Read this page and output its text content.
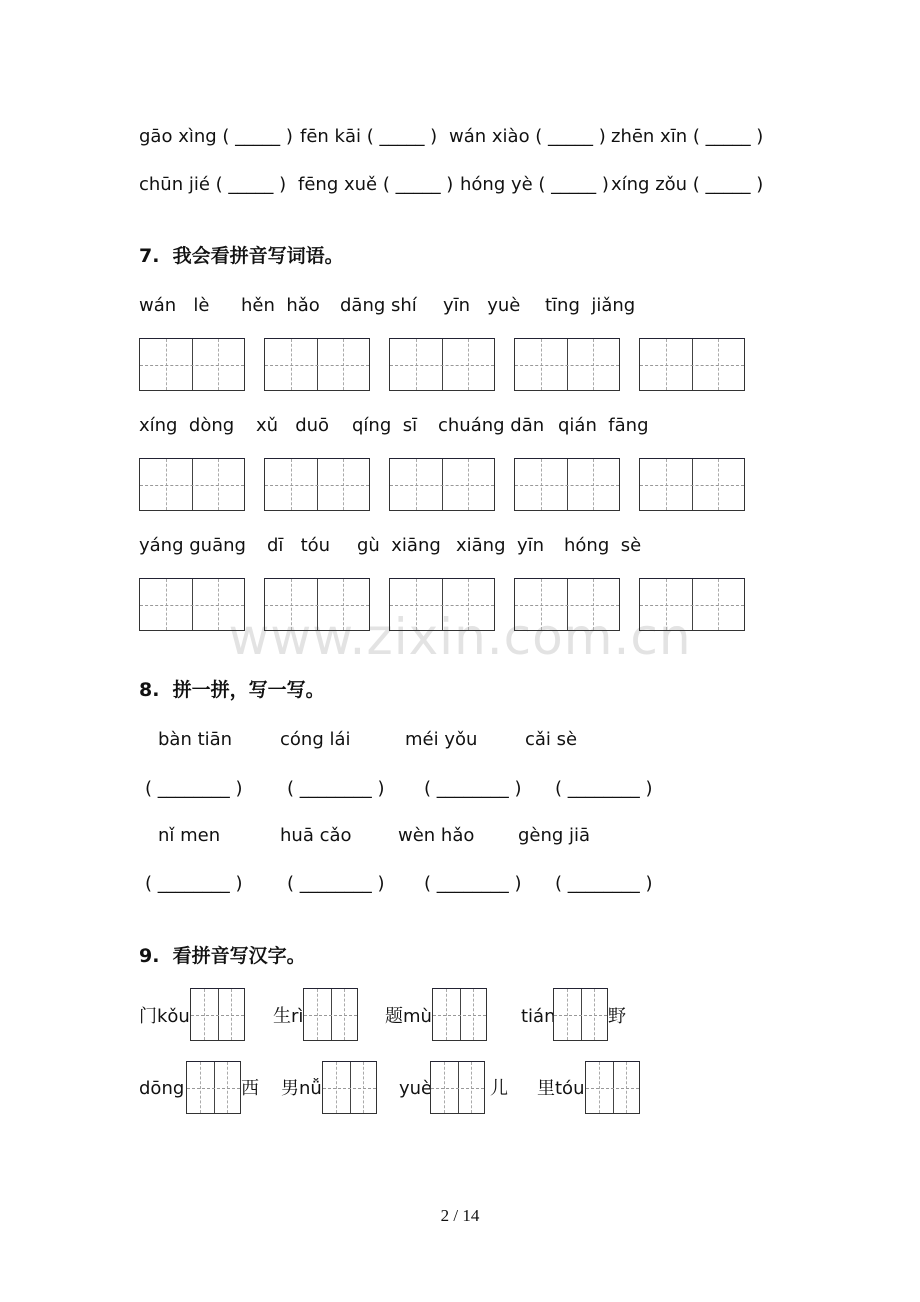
www.zixin.com.cn
gāo xìng ( _____ ) fēn kāi ( _____ ) wán xiào ( _____ ) zhēn xīn ( _____ )
chūn jié ( _____ ) fēng xuě ( _____ ) hóng yè ( _____ ) xíng zǒu ( _____ )
7.  我会看拼音写词语。
wán   lè hěn  hǎo dāng shí yīn   yuè tīng  jiǎng
xíng  dòng xǔ   duō qíng  sī chuáng dān qián  fāng
yáng guāng dī   tóu gù  xiāng xiāng  yīn hóng  sè
8.  拼一拼，写一写。
bàn tiān	cóng lái	méi yǒu	cǎi sè
( ________ ) ( ________ ) ( ________ ) ( ________ )
nǐ men	huā cǎo	wèn hǎo gèng jiā
( ________ ) ( ________ ) ( ________ ) ( ________ )
9.  看拼音写汉字。
门kǒu	生rì	题mù	tián	野
dōng	西 男nǚ	yuè	儿 里tóu
2 / 14
